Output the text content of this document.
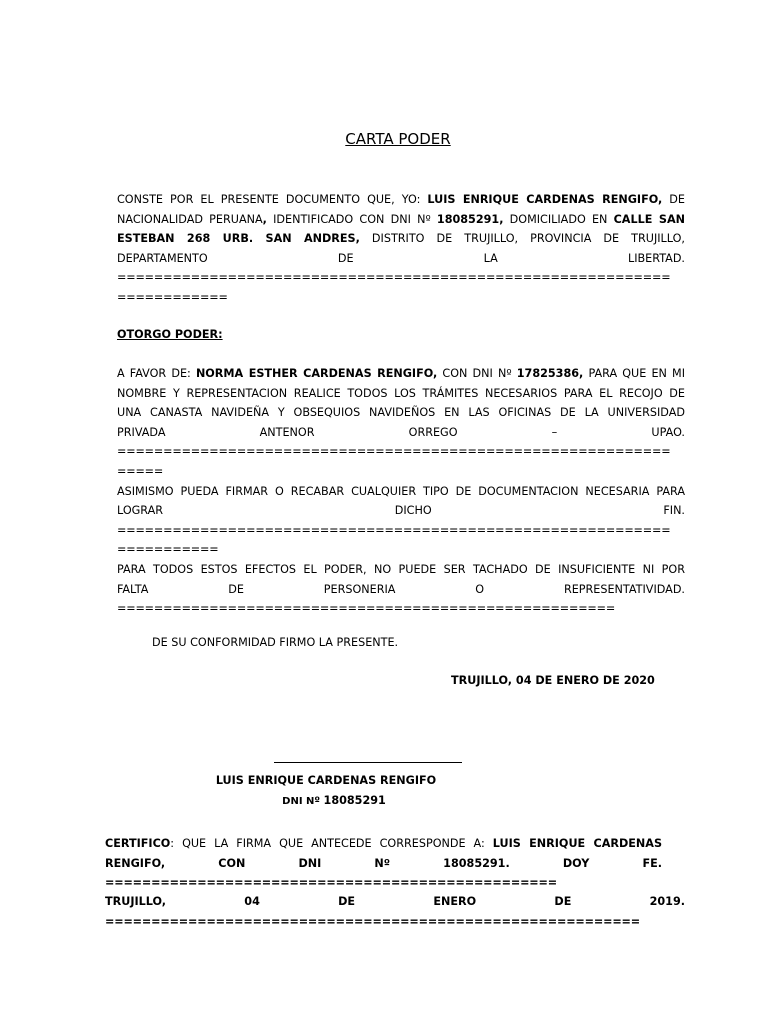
CARTA PODER
CONSTE POR EL PRESENTE DOCUMENTO QUE, YO: LUIS ENRIQUE CARDENAS RENGIFO, DE
NACIONALIDAD PERUANA, IDENTIFICADO CON DNI Nº 18085291, DOMICILIADO EN CALLE SAN
ESTEBAN 268 URB. SAN ANDRES, DISTRITO DE TRUJILLO, PROVINCIA DE TRUJILLO,
DEPARTAMENTO DE LA LIBERTAD.
============================================================
============
OTORGO PODER:
A FAVOR DE: NORMA ESTHER CARDENAS RENGIFO, CON DNI Nº 17825386, PARA QUE EN MI
NOMBRE Y REPRESENTACION REALICE TODOS LOS TRÁMITES NECESARIOS PARA EL RECOJO DE
UNA CANASTA NAVIDEÑA Y OBSEQUIOS NAVIDEÑOS EN LAS OFICINAS DE LA UNIVERSIDAD
PRIVADA ANTENOR ORREGO – UPAO.
============================================================
=====
ASIMISMO PUEDA FIRMAR O RECABAR CUALQUIER TIPO DE DOCUMENTACION NECESARIA PARA
LOGRAR DICHO FIN.
============================================================
===========
PARA TODOS ESTOS EFECTOS EL PODER, NO PUEDE SER TACHADO DE INSUFICIENTE NI POR
FALTA DE PERSONERIA O REPRESENTATIVIDAD.
======================================================
DE SU CONFORMIDAD FIRMO LA PRESENTE.
TRUJILLO, 04 DE ENERO DE 2020
LUIS ENRIQUE CARDENAS RENGIFO
DNI Nº 18085291
CERTIFICO: QUE LA FIRMA QUE ANTECEDE CORRESPONDE A: LUIS ENRIQUE CARDENAS
RENGIFO, CON DNI Nº 18085291. DOY FE.
=================================================
TRUJILLO, 04 DE ENERO DE 2019.
==========================================================
